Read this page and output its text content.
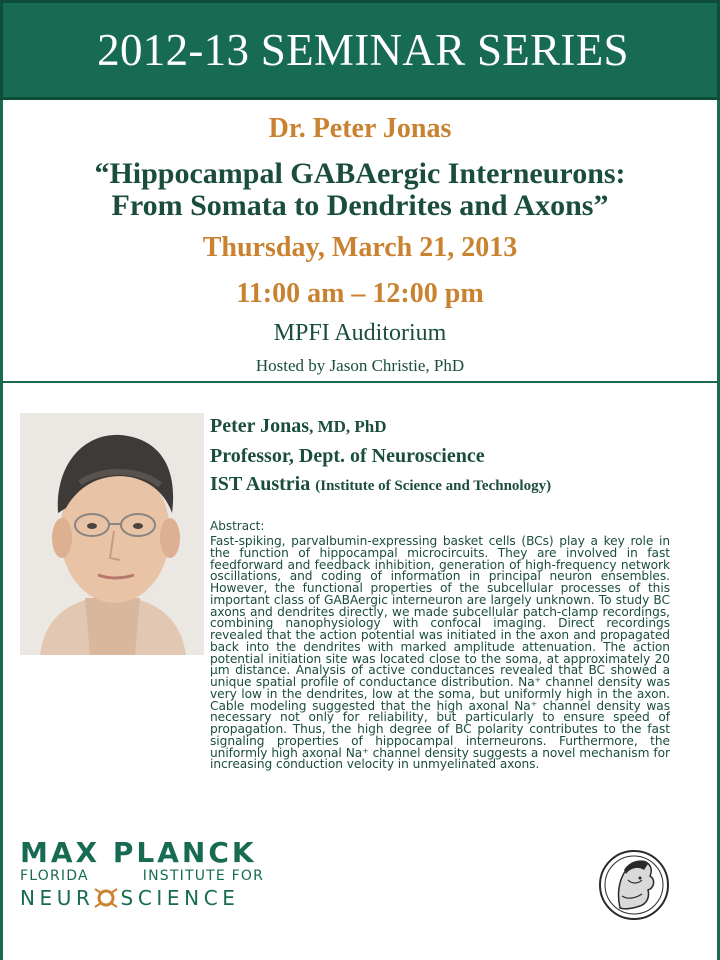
2012-13 SEMINAR SERIES
Dr. Peter Jonas
“Hippocampal GABAergic Interneurons:
From Somata to Dendrites and Axons”
Thursday, March 21, 2013
11:00 am – 12:00 pm
MPFI Auditorium
Hosted by Jason Christie, PhD
Peter Jonas, MD, PhD
Professor, Dept. of Neuroscience
IST Austria (Institute of Science and Technology)
Abstract:
Fast-spiking, parvalbumin-expressing basket cells (BCs) play a key role in the function of hippocampal microcircuits. They are involved in fast feedforward and feedback inhibition, generation of high-frequency network oscillations, and coding of information in principal neuron ensembles. However, the functional properties of the subcellular processes of this important class of GABAergic interneuron are largely unknown. To study BC axons and dendrites directly, we made subcellular patch-clamp recordings, combining nanophysiology with confocal imaging. Direct recordings revealed that the action potential was initiated in the axon and propagated back into the dendrites with marked amplitude attenuation. The action potential initiation site was located close to the soma, at approximately 20 µm distance. Analysis of active conductances revealed that BC showed a unique spatial profile of conductance distribution. Na⁺ channel density was very low in the dendrites, low at the soma, but uniformly high in the axon. Cable modeling suggested that the high axonal Na⁺ channel density was necessary not only for reliability, but particularly to ensure speed of propagation. Thus, the high degree of BC polarity contributes to the fast signaling properties of hippocampal interneurons. Furthermore, the uniformly high axonal Na⁺ channel density suggests a novel mechanism for increasing conduction velocity in unmyelinated axons.
MAX PLANCK
FLORIDA	INSTITUTE FOR
NEUR SCIENCE
